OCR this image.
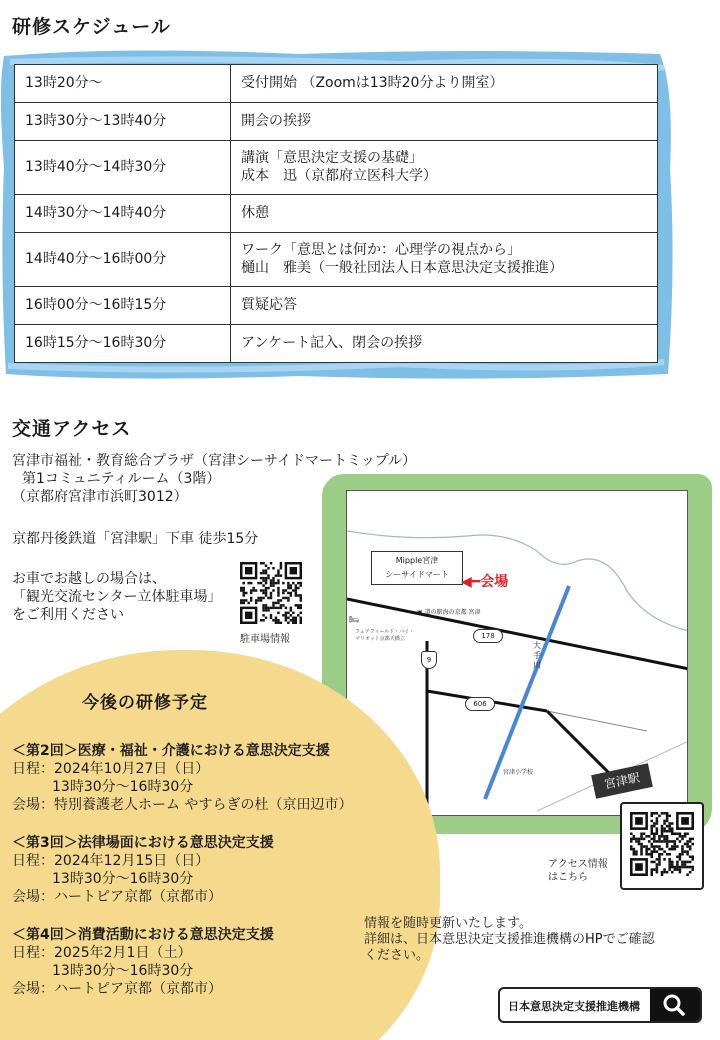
研修スケジュール
13時20分～	受付開始 （Zoomは13時20分より開室）

13時30分～13時40分	開会の挨拶

13時40分～14時30分	講演「意思決定支援の基礎」
成本　迅（京都府立医科大学）

14時30分～14時40分	休憩

14時40分～16時00分	ワーク「意思とは何か：心理学の視点から」
樋山　雅美（一般社団法人日本意思決定支援推進）

16時00分～16時15分	質疑応答

16時15分～16時30分	アンケート記入、閉会の挨拶
交通アクセス
宮津市福祉・教育総合プラザ（宮津シーサイドマートミップル）
第1コミュニティルーム（3階）
（京都府宮津市浜町3012）
京都丹後鉄道「宮津駅」下車 徒歩15分
お車でお越しの場合は、
「観光交流センター立体駐車場」
をご利用ください
駐車場情報
Mipple宮津
シーサイドマート ◀━会場
▣ 道の駅海の京都 宮津
フェアフィールド・バイ・
マリオット京都天橋立
🛏
178
9
606
大手川
宮津小学校	宮津駅
アクセス情報
はこちら
今後の研修予定
＜第2回＞医療・福祉・介護における意思決定支援
日程：2024年10月27日（日）
13時30分～16時30分
会場：特別養護老人ホーム やすらぎの杜（京田辺市）
＜第3回＞法律場面における意思決定支援
日程：2024年12月15日（日）
13時30分～16時30分
会場：ハートピア京都（京都市）
＜第4回＞消費活動における意思決定支援
日程：2025年2月1日（土）
13時30分～16時30分
会場：ハートピア京都（京都市）
情報を随時更新いたします。
詳細は、日本意思決定支援推進機構のHPでご確認
ください。
日本意思決定支援推進機構
